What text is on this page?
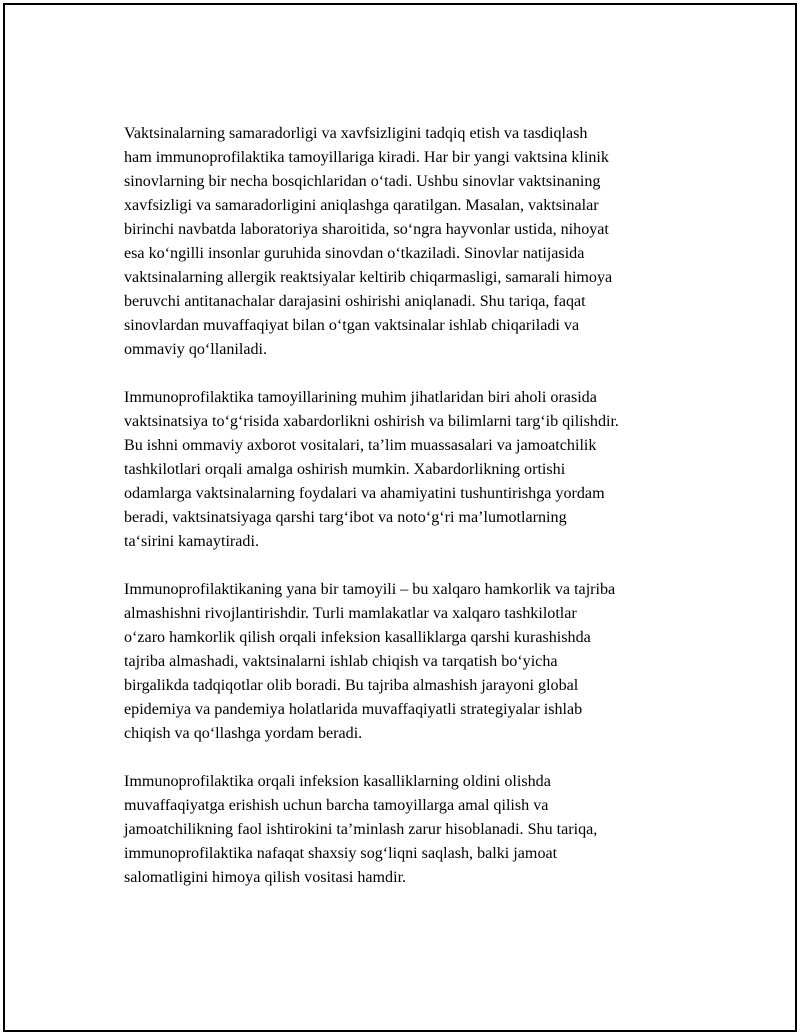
Vaktsinalarning samaradorligi va xavfsizligini tadqiq etish va tasdiqlash
ham immunoprofilaktika tamoyillariga kiradi. Har bir yangi vaktsina klinik
sinovlarning bir necha bosqichlaridan o‘tadi. Ushbu sinovlar vaktsinaning
xavfsizligi va samaradorligini aniqlashga qaratilgan. Masalan, vaktsinalar
birinchi navbatda laboratoriya sharoitida, so‘ngra hayvonlar ustida, nihoyat
esa ko‘ngilli insonlar guruhida sinovdan o‘tkaziladi. Sinovlar natijasida
vaktsinalarning allergik reaktsiyalar keltirib chiqarmasligi, samarali himoya
beruvchi antitanachalar darajasini oshirishi aniqlanadi. Shu tariqa, faqat
sinovlardan muvaffaqiyat bilan o‘tgan vaktsinalar ishlab chiqariladi va
ommaviy qo‘llaniladi.

Immunoprofilaktika tamoyillarining muhim jihatlaridan biri aholi orasida
vaktsinatsiya to‘g‘risida xabardorlikni oshirish va bilimlarni targ‘ib qilishdir.
Bu ishni ommaviy axborot vositalari, ta’lim muassasalari va jamoatchilik
tashkilotlari orqali amalga oshirish mumkin. Xabardorlikning ortishi
odamlarga vaktsinalarning foydalari va ahamiyatini tushuntirishga yordam
beradi, vaktsinatsiyaga qarshi targ‘ibot va noto‘g‘ri ma’lumotlarning
ta‘sirini kamaytiradi.

Immunoprofilaktikaning yana bir tamoyili – bu xalqaro hamkorlik va tajriba
almashishni rivojlantirishdir. Turli mamlakatlar va xalqaro tashkilotlar
o‘zaro hamkorlik qilish orqali infeksion kasalliklarga qarshi kurashishda
tajriba almashadi, vaktsinalarni ishlab chiqish va tarqatish bo‘yicha
birgalikda tadqiqotlar olib boradi. Bu tajriba almashish jarayoni global
epidemiya va pandemiya holatlarida muvaffaqiyatli strategiyalar ishlab
chiqish va qo‘llashga yordam beradi.

Immunoprofilaktika orqali infeksion kasalliklarning oldini olishda
muvaffaqiyatga erishish uchun barcha tamoyillarga amal qilish va
jamoatchilikning faol ishtirokini ta’minlash zarur hisoblanadi. Shu tariqa,
immunoprofilaktika nafaqat shaxsiy sog‘liqni saqlash, balki jamoat
salomatligini himoya qilish vositasi hamdir.
